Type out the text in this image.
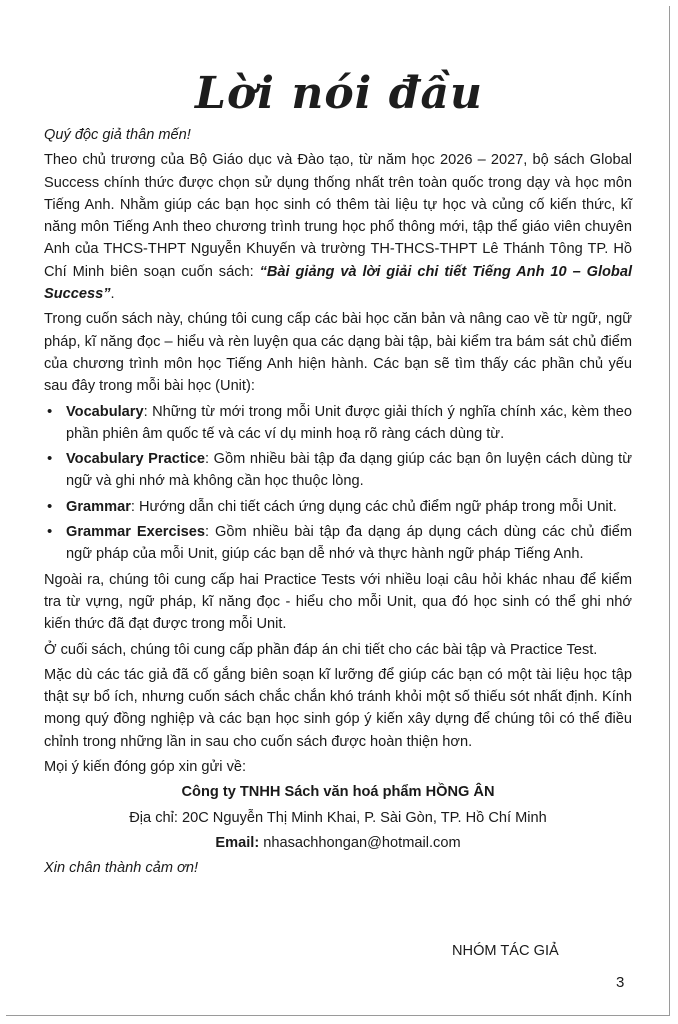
Lời nói đầu

Quý độc giả thân mến!

Theo chủ trương của Bộ Giáo dục và Đào tạo, từ năm học 2026 – 2027, bộ sách Global Success chính thức được chọn sử dụng thống nhất trên toàn quốc trong dạy và học môn Tiếng Anh. Nhằm giúp các bạn học sinh có thêm tài liệu tự học và củng cố kiến thức, kĩ năng môn Tiếng Anh theo chương trình trung học phổ thông mới, tập thể giáo viên chuyên Anh của THCS-THPT Nguyễn Khuyến và trường TH-THCS-THPT Lê Thánh Tông TP. Hồ Chí Minh biên soạn cuốn sách: “Bài giảng và lời giải chi tiết Tiếng Anh 10 – Global Success”.

Trong cuốn sách này, chúng tôi cung cấp các bài học căn bản và nâng cao về từ ngữ, ngữ pháp, kĩ năng đọc – hiểu và rèn luyện qua các dạng bài tập, bài kiểm tra bám sát chủ điểm của chương trình môn học Tiếng Anh hiện hành. Các bạn sẽ tìm thấy các phần chủ yếu sau đây trong mỗi bài học (Unit):

• Vocabulary: Những từ mới trong mỗi Unit được giải thích ý nghĩa chính xác, kèm theo phần phiên âm quốc tế và các ví dụ minh hoạ rõ ràng cách dùng từ.
• Vocabulary Practice: Gồm nhiều bài tập đa dạng giúp các bạn ôn luyện cách dùng từ ngữ và ghi nhớ mà không cần học thuộc lòng.
• Grammar: Hướng dẫn chi tiết cách ứng dụng các chủ điểm ngữ pháp trong mỗi Unit.
• Grammar Exercises: Gồm nhiều bài tập đa dạng áp dụng cách dùng các chủ điểm ngữ pháp của mỗi Unit, giúp các bạn dễ nhớ và thực hành ngữ pháp Tiếng Anh.

Ngoài ra, chúng tôi cung cấp hai Practice Tests với nhiều loại câu hỏi khác nhau để kiểm tra từ vựng, ngữ pháp, kĩ năng đọc - hiểu cho mỗi Unit, qua đó học sinh có thể ghi nhớ kiến thức đã đạt được trong mỗi Unit.

Ở cuối sách, chúng tôi cung cấp phần đáp án chi tiết cho các bài tập và Practice Test.

Mặc dù các tác giả đã cố gắng biên soạn kĩ lưỡng để giúp các bạn có một tài liệu học tập thật sự bổ ích, nhưng cuốn sách chắc chắn khó tránh khỏi một số thiếu sót nhất định. Kính mong quý đồng nghiệp và các bạn học sinh góp ý kiến xây dựng để chúng tôi có thể điều chỉnh trong những lần in sau cho cuốn sách được hoàn thiện hơn.

Mọi ý kiến đóng góp xin gửi về:

Công ty TNHH Sách văn hoá phẩm HỒNG ÂN

Địa chỉ: 20C Nguyễn Thị Minh Khai, P. Sài Gòn, TP. Hồ Chí Minh

Email: nhasachhongan@hotmail.com

Xin chân thành cảm ơn!

NHÓM TÁC GIẢ
3
